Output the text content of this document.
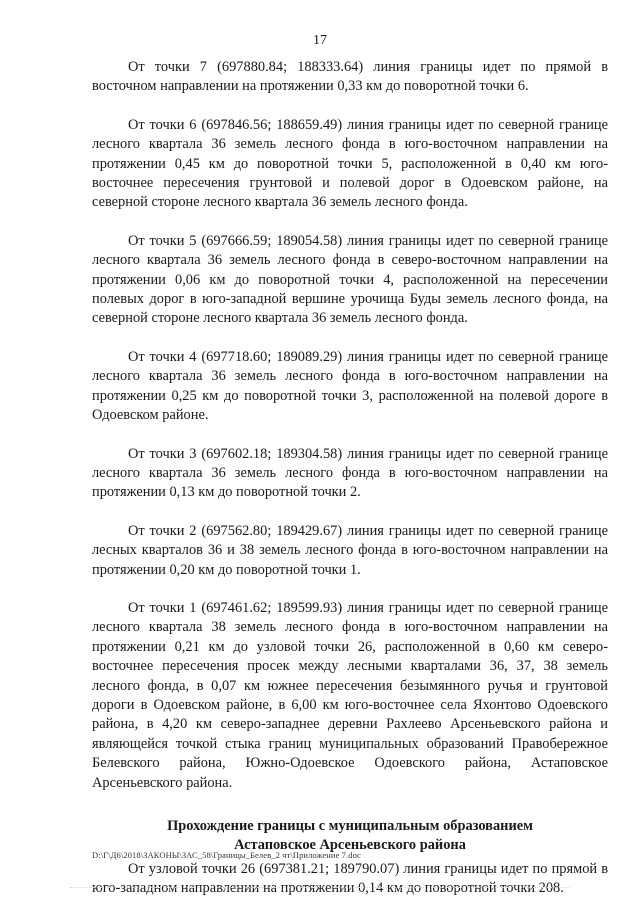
17

От точки 7 (697880.84; 188333.64) линия границы идет по прямой в восточном направлении на протяжении 0,33 км до поворотной точки 6.

От точки 6 (697846.56; 188659.49) линия границы идет по северной границе лесного квартала 36 земель лесного фонда в юго-восточном направлении на протяжении 0,45 км до поворотной точки 5, расположенной в 0,40 км юго-восточнее пересечения грунтовой и полевой дорог в Одоевском районе, на северной стороне лесного квартала 36 земель лесного фонда.

От точки 5 (697666.59; 189054.58) линия границы идет по северной границе лесного квартала 36 земель лесного фонда в северо-восточном направлении на протяжении 0,06 км до поворотной точки 4, расположенной на пересечении полевых дорог в юго-западной вершине урочища Буды земель лесного фонда, на северной стороне лесного квартала 36 земель лесного фонда.

От точки 4 (697718.60; 189089.29) линия границы идет по северной границе лесного квартала 36 земель лесного фонда в юго-восточном направлении на протяжении 0,25 км до поворотной точки 3, расположенной на полевой дороге в Одоевском районе.

От точки 3 (697602.18; 189304.58) линия границы идет по северной границе лесного квартала 36 земель лесного фонда в юго-восточном направлении на протяжении 0,13 км до поворотной точки 2.

От точки 2 (697562.80; 189429.67) линия границы идет по северной границе лесных кварталов 36 и 38 земель лесного фонда в юго-восточном направлении на протяжении 0,20 км до поворотной точки 1.

От точки 1 (697461.62; 189599.93) линия границы идет по северной границе лесного квартала 38 земель лесного фонда в юго-восточном направлении на протяжении 0,21 км до узловой точки 26, расположенной в 0,60 км северо-восточнее пересечения просек между лесными кварталами 36, 37, 38 земель лесного фонда, в 0,07 км южнее пересечения безымянного ручья и грунтовой дороги в Одоевском районе, в 6,00 км юго-восточнее села Яхонтово Одоевского района, в 4,20 км северо-западнее деревни Рахлеево Арсеньевского района и являющейся точкой стыка границ муниципальных образований Правобережное Белевского района, Южно-Одоевское Одоевского района, Астаповское Арсеньевского района.

Прохождение границы с муниципальным образованием
Астаповское Арсеньевского района

От узловой точки 26 (697381.21; 189790.07) линия границы идет по прямой в юго-западном направлении на протяжении 0,14 км до поворотной точки 208.

D:\Г\Д6\2018\ЗАКОНЫ\ЗАС_58\Границы_Белев_2 чт\Приложение 7.doc
